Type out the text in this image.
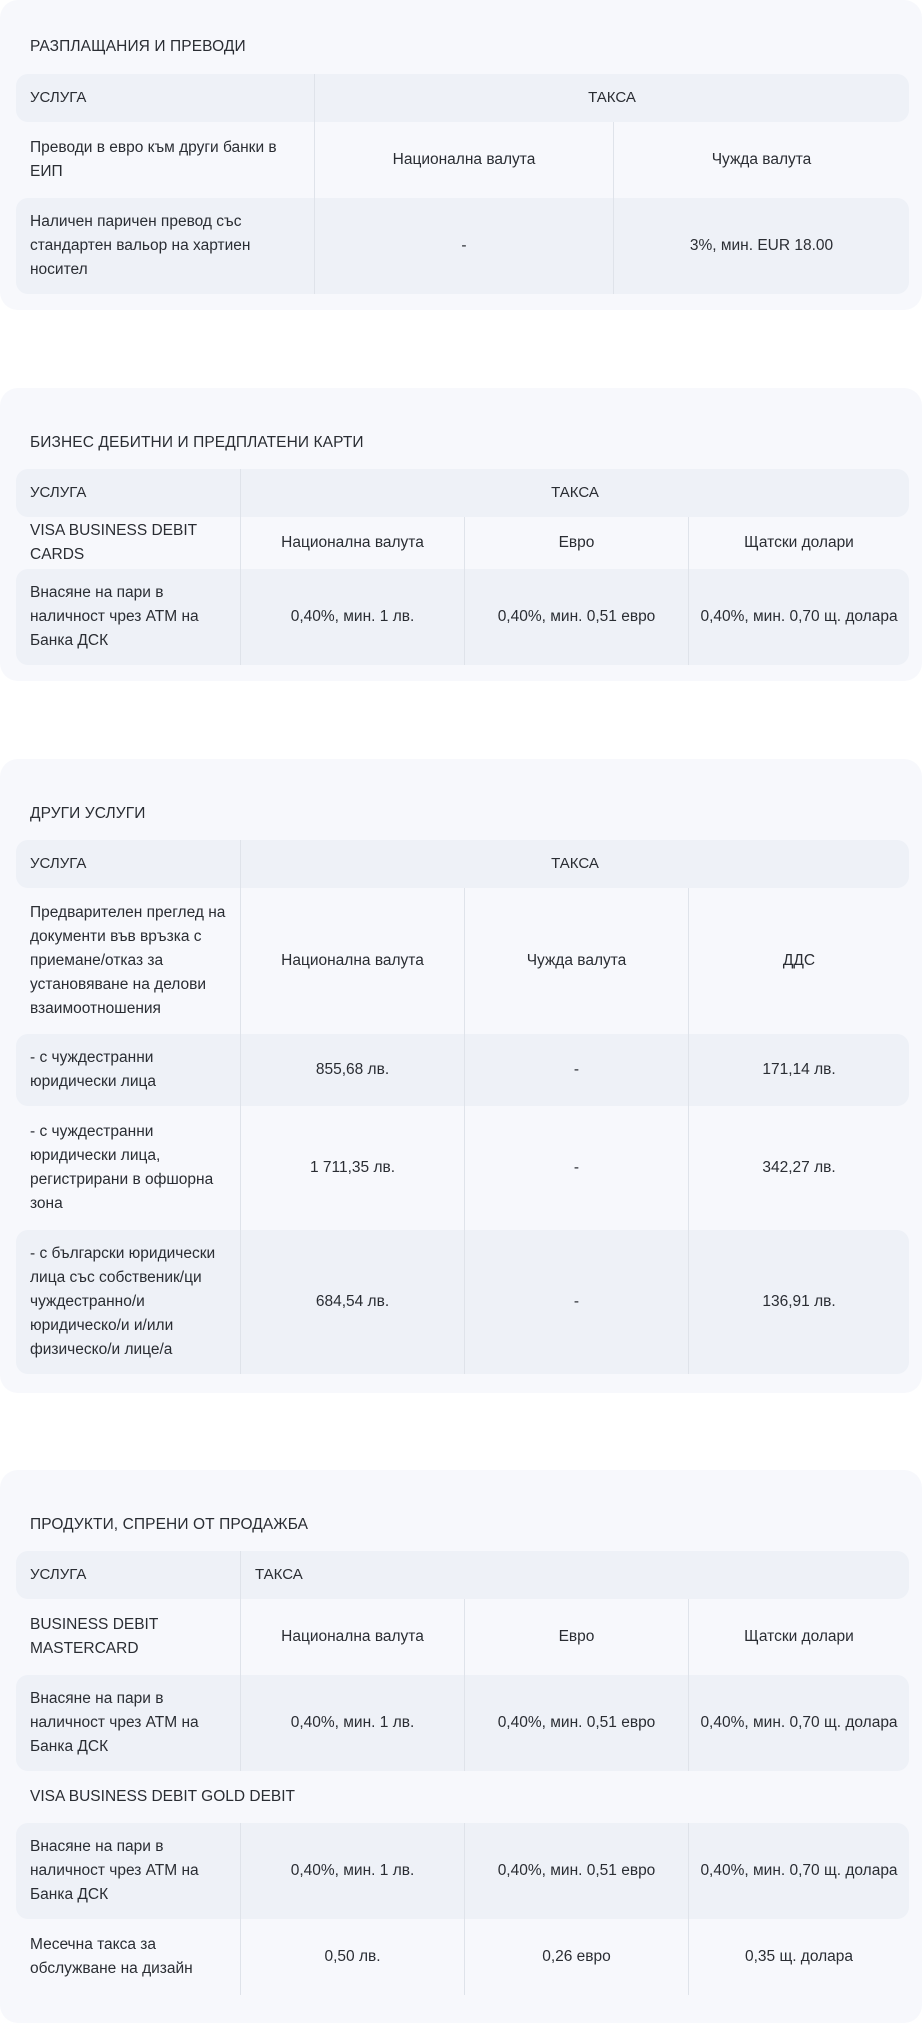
РАЗПЛАЩАНИЯ И ПРЕВОДИ
УСЛУГА	ТАКСА	
Преводи в евро към други банки в ЕИП	Национална валута	Чужда валута
Наличен паричен превод със стандартен вальор на хартиен носител	-	3%, мин. EUR 18.00
БИЗНЕС ДЕБИТНИ И ПРЕДПЛАТЕНИ КАРТИ
УСЛУГА	ТАКСА		
VISA BUSINESS DEBIT CARDS	Национална валута	Евро	Щатски долари
Внасяне на пари в наличност чрез АТМ на Банка ДСК	0,40%, мин. 1 лв.	0,40%, мин. 0,51 евро	0,40%, мин. 0,70 щ. долара
ДРУГИ УСЛУГИ
УСЛУГА	ТАКСА		
Предварителен преглед на документи във връзка с приемане/отказ за установяване на делови взаимоотношения	Национална валута	Чужда валута	ДДС
- с чуждестранни юридически лица	855,68 лв.	-	171,14 лв.
- с чуждестранни юридически лица, регистрирани в офшорна зона	1 711,35 лв.	-	342,27 лв.
- с български юридически лица със собственик/ци чуждестранно/и юридическо/и и/или физическо/и лице/а	684,54 лв.	-	136,91 лв.
ПРОДУКТИ, СПРЕНИ ОТ ПРОДАЖБА
УСЛУГА	ТАКСА		
BUSINESS DEBIT MASTERCARD	Национална валута	Евро	Щатски долари
Внасяне на пари в наличност чрез АТМ на Банка ДСК	0,40%, мин. 1 лв.	0,40%, мин. 0,51 евро	0,40%, мин. 0,70 щ. долара
VISA BUSINESS DEBIT GOLD DEBIT			
Внасяне на пари в наличност чрез АТМ на Банка ДСК	0,40%, мин. 1 лв.	0,40%, мин. 0,51 евро	0,40%, мин. 0,70 щ. долара
Месечна такса за обслужване на дизайн	0,50 лв.	0,26 евро	0,35 щ. долара
